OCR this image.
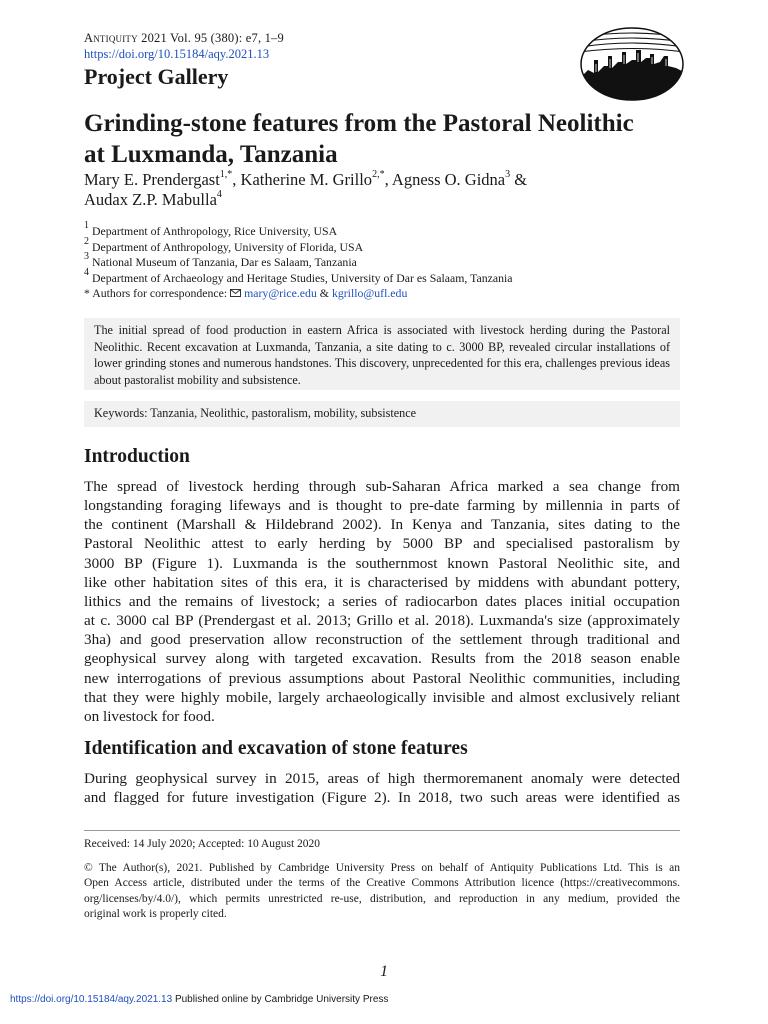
Antiquity 2021 Vol. 95 (380): e7, 1–9
https://doi.org/10.15184/aqy.2021.13
Project Gallery
Grinding-stone features from the Pastoral Neolithic
at Luxmanda, Tanzania
Mary E. Prendergast$^{1,*}$, Katherine M. Grillo$^{2,*}$, Agness O. Gidna$^3$ &
Audax Z.P. Mabulla$^4$
$^1$ Department of Anthropology, Rice University, USA
$^2$ Department of Anthropology, University of Florida, USA
$^3$ National Museum of Tanzania, Dar es Salaam, Tanzania
$^4$ Department of Archaeology and Heritage Studies, University of Dar es Salaam, Tanzania
* Authors for correspondence: mary@rice.edu & kgrillo@ufl.edu
The initial spread of food production in eastern Africa is associated with livestock herding during the Pastoral Neolithic. Recent excavation at Luxmanda, Tanzania, a site dating to c. 3000 BP, revealed circular installations of lower grinding stones and numerous handstones. This discovery, unprecedented for this era, challenges previous ideas about pastoralist mobility and subsistence.
Keywords: Tanzania, Neolithic, pastoralism, mobility, subsistence
Introduction
The spread of livestock herding through sub-Saharan Africa marked a sea change from
longstanding foraging lifeways and is thought to pre-date farming by millennia in parts of
the continent (Marshall & Hildebrand 2002). In Kenya and Tanzania, sites dating to the
Pastoral Neolithic attest to early herding by 5000 BP and specialised pastoralism by
3000 BP (Figure 1). Luxmanda is the southernmost known Pastoral Neolithic site, and
like other habitation sites of this era, it is characterised by middens with abundant pottery,
lithics and the remains of livestock; a series of radiocarbon dates places initial occupation
at c. 3000 cal BP (Prendergast et al. 2013; Grillo et al. 2018). Luxmanda's size (approximately
3ha) and good preservation allow reconstruction of the settlement through traditional and
geophysical survey along with targeted excavation. Results from the 2018 season enable
new interrogations of previous assumptions about Pastoral Neolithic communities, including
that they were highly mobile, largely archaeologically invisible and almost exclusively reliant
on livestock for food.
Identification and excavation of stone features
During geophysical survey in 2015, areas of high thermoremanent anomaly were detected
and flagged for future investigation (Figure 2). In 2018, two such areas were identified as
Received: 14 July 2020; Accepted: 10 August 2020
© The Author(s), 2021. Published by Cambridge University Press on behalf of Antiquity Publications Ltd. This is an
Open Access article, distributed under the terms of the Creative Commons Attribution licence (https://creativecommons.
org/licenses/by/4.0/), which permits unrestricted re-use, distribution, and reproduction in any medium, provided the
original work is properly cited.
1
https://doi.org/10.15184/aqy.2021.13 Published online by Cambridge University Press
